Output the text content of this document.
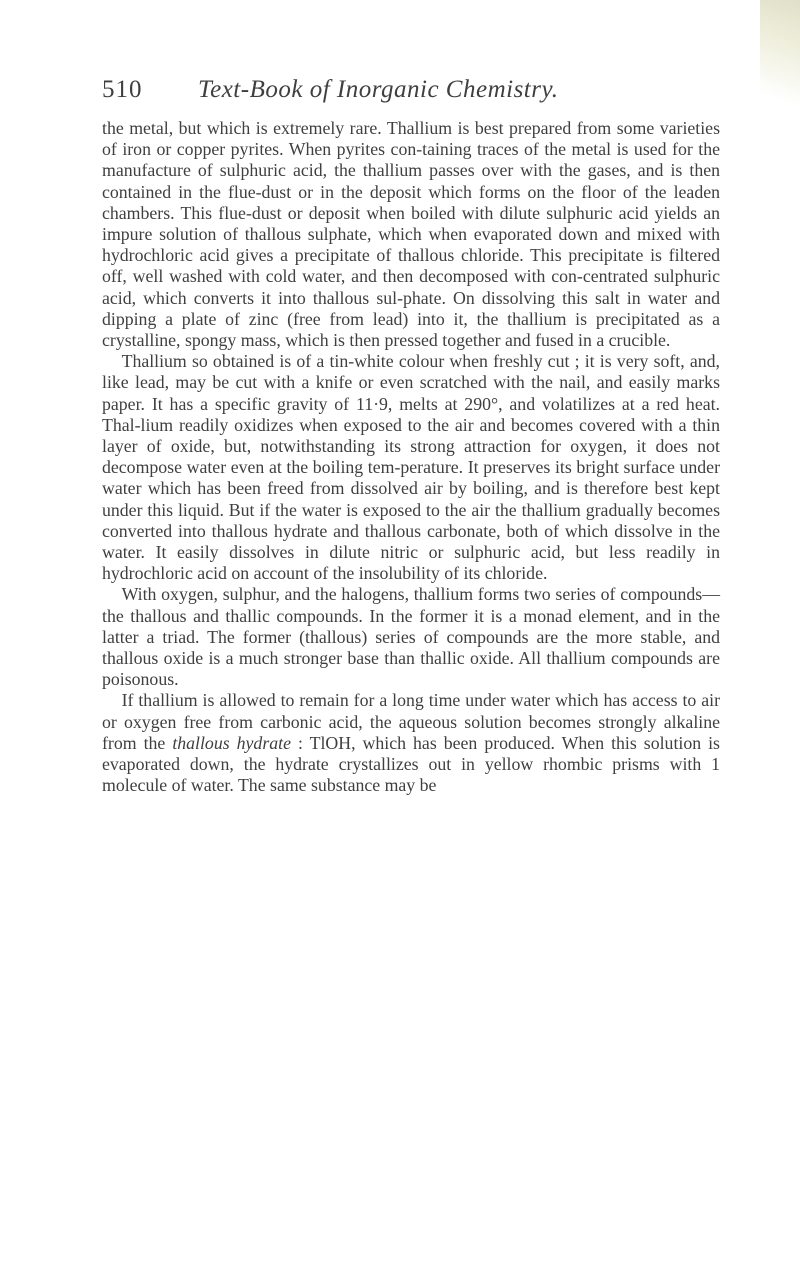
510 Text-Book of Inorganic Chemistry.

the metal, but which is extremely rare. Thallium is best prepared from some varieties of iron or copper pyrites. When pyrites con-taining traces of the metal is used for the manufacture of sulphuric acid, the thallium passes over with the gases, and is then contained in the flue-dust or in the deposit which forms on the floor of the leaden chambers. This flue-dust or deposit when boiled with dilute sulphuric acid yields an impure solution of thallous sulphate, which when evaporated down and mixed with hydrochloric acid gives a precipitate of thallous chloride. This precipitate is filtered off, well washed with cold water, and then decomposed with con-centrated sulphuric acid, which converts it into thallous sul-phate. On dissolving this salt in water and dipping a plate of zinc (free from lead) into it, the thallium is precipitated as a crystalline, spongy mass, which is then pressed together and fused in a crucible.

Thallium so obtained is of a tin-white colour when freshly cut ; it is very soft, and, like lead, may be cut with a knife or even scratched with the nail, and easily marks paper. It has a specific gravity of 11·9, melts at 290°, and volatilizes at a red heat. Thal-lium readily oxidizes when exposed to the air and becomes covered with a thin layer of oxide, but, notwithstanding its strong attraction for oxygen, it does not decompose water even at the boiling tem-perature. It preserves its bright surface under water which has been freed from dissolved air by boiling, and is therefore best kept under this liquid. But if the water is exposed to the air the thallium gradually becomes converted into thallous hydrate and thallous carbonate, both of which dissolve in the water. It easily dissolves in dilute nitric or sulphuric acid, but less readily in hydrochloric acid on account of the insolubility of its chloride.

With oxygen, sulphur, and the halogens, thallium forms two series of compounds—the thallous and thallic compounds. In the former it is a monad element, and in the latter a triad. The former (thallous) series of compounds are the more stable, and thallous oxide is a much stronger base than thallic oxide. All thallium compounds are poisonous.

If thallium is allowed to remain for a long time under water which has access to air or oxygen free from carbonic acid, the aqueous solution becomes strongly alkaline from the thallous hydrate : TlOH, which has been produced. When this solution is evaporated down, the hydrate crystallizes out in yellow rhombic prisms with 1 molecule of water. The same substance may be
